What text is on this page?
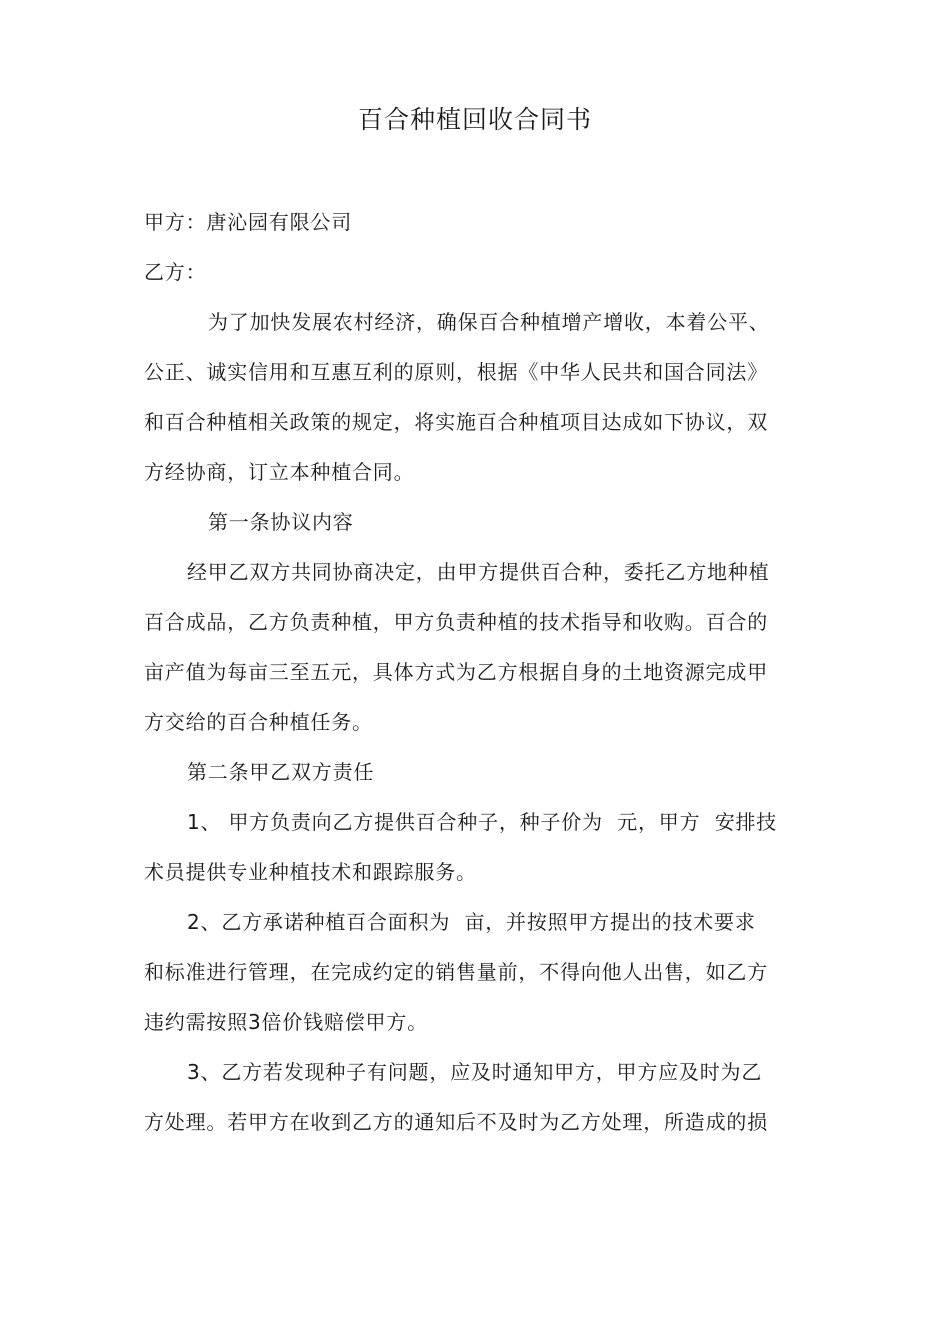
百合种植回收合同书

甲方：唐沁园有限公司

乙方：

为了加快发展农村经济，确保百合种植增产增收，本着公平、
公正、诚实信用和互惠互利的原则，根据《中华人民共和国合同法》
和百合种植相关政策的规定，将实施百合种植项目达成如下协议，双
方经协商，订立本种植合同。

第一条协议内容

经甲乙双方共同协商决定，由甲方提供百合种，委托乙方地种植
百合成品，乙方负责种植，甲方负责种植的技术指导和收购。百合的
亩产值为每亩三至五元，具体方式为乙方根据自身的土地资源完成甲
方交给的百合种植任务。

第二条甲乙双方责任

1、 甲方负责向乙方提供百合种子，种子价为  元，甲方  安排技
术员提供专业种植技术和跟踪服务。

2、乙方承诺种植百合面积为  亩，并按照甲方提出的技术要求
和标准进行管理，在完成约定的销售量前，不得向他人出售，如乙方
违约需按照3倍价钱赔偿甲方。

3、乙方若发现种子有问题，应及时通知甲方，甲方应及时为乙
方处理。若甲方在收到乙方的通知后不及时为乙方处理，所造成的损
